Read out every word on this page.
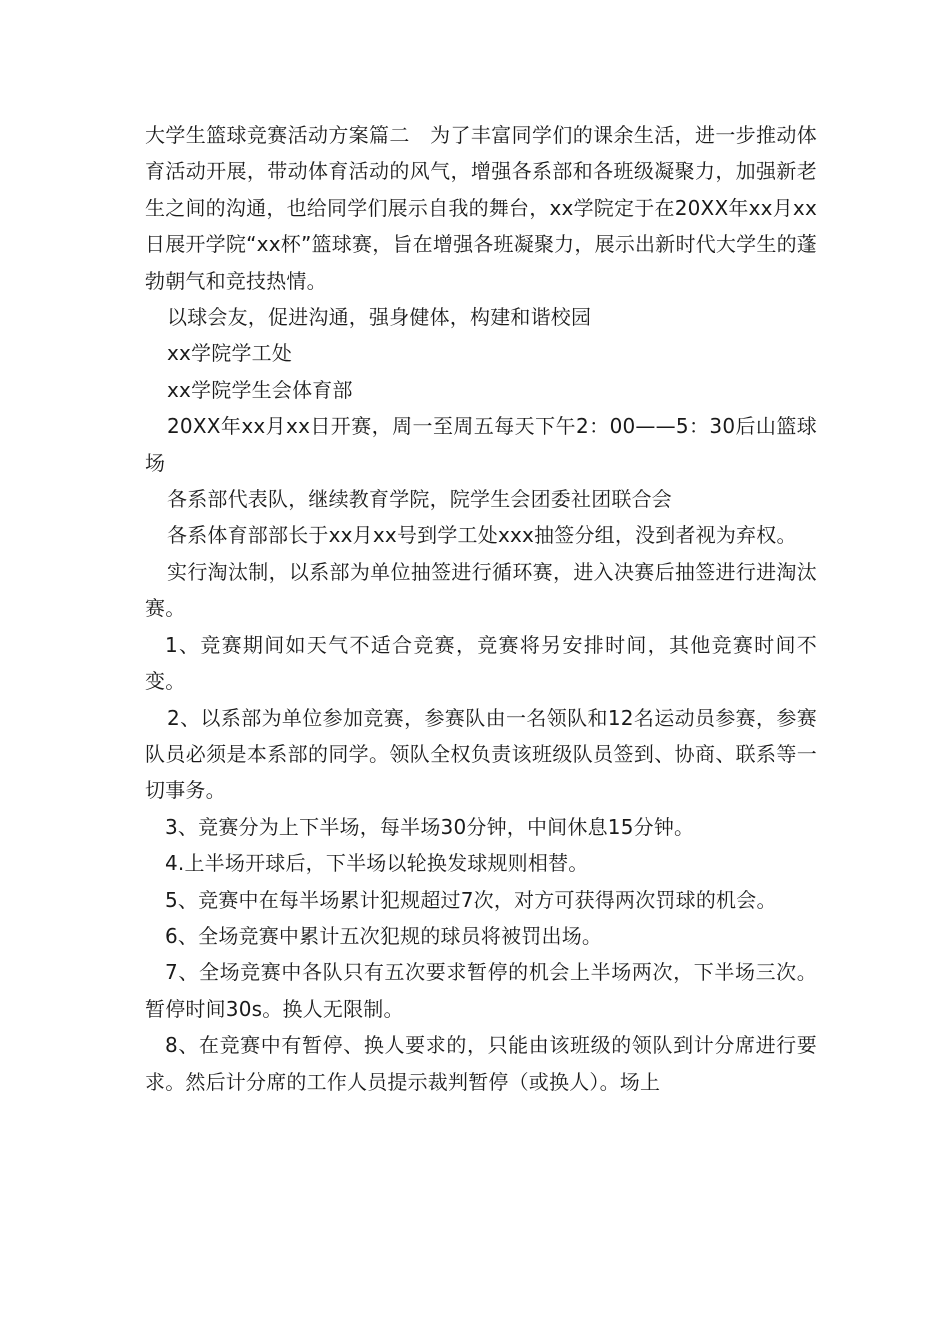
大学生篮球竞赛活动方案篇二　为了丰富同学们的课余生活，进一步推动体育活动开展，带动体育活动的风气，增强各系部和各班级凝聚力，加强新老生之间的沟通，也给同学们展示自我的舞台，xx学院定于在20XX年xx月xx日展开学院“xx杯”篮球赛，旨在增强各班凝聚力，展示出新时代大学生的蓬勃朝气和竞技热情。

以球会友，促进沟通，强身健体，构建和谐校园

xx学院学工处

xx学院学生会体育部

20XX年xx月xx日开赛，周一至周五每天下午2：00——5：30后山篮球场

各系部代表队，继续教育学院，院学生会团委社团联合会

各系体育部部长于xx月xx号到学工处xxx抽签分组，没到者视为弃权。

实行淘汰制，以系部为单位抽签进行循环赛，进入决赛后抽签进行进淘汰赛。

1、竞赛期间如天气不适合竞赛，竞赛将另安排时间，其他竞赛时间不变。

2、以系部为单位参加竞赛，参赛队由一名领队和12名运动员参赛，参赛队员必须是本系部的同学。领队全权负责该班级队员签到、协商、联系等一切事务。

3、竞赛分为上下半场，每半场30分钟，中间休息15分钟。

4.上半场开球后，下半场以轮换发球规则相替。

5、竞赛中在每半场累计犯规超过7次，对方可获得两次罚球的机会。

6、全场竞赛中累计五次犯规的球员将被罚出场。

7、全场竞赛中各队只有五次要求暂停的机会上半场两次，下半场三次。暂停时间30s。换人无限制。

8、在竞赛中有暂停、换人要求的，只能由该班级的领队到计分席进行要求。然后计分席的工作人员提示裁判暂停（或换人）。场上
